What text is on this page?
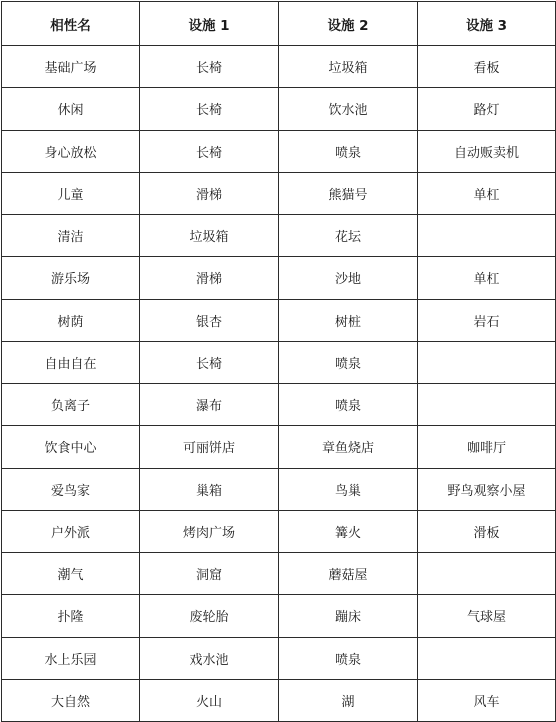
相性名	设施 1	设施 2	设施 3
基础广场	长椅	垃圾箱	看板
休闲	长椅	饮水池	路灯
身心放松	长椅	喷泉	自动贩卖机
儿童	滑梯	熊猫号	单杠
清洁	垃圾箱	花坛	
游乐场	滑梯	沙地	单杠
树荫	银杏	树桩	岩石
自由自在	长椅	喷泉	
负离子	瀑布	喷泉	
饮食中心	可丽饼店	章鱼烧店	咖啡厅
爱鸟家	巢箱	鸟巢	野鸟观察小屋
户外派	烤肉广场	篝火	滑板
潮气	洞窟	蘑菇屋	
扑隆	废轮胎	蹦床	气球屋
水上乐园	戏水池	喷泉	
大自然	火山	湖	风车
